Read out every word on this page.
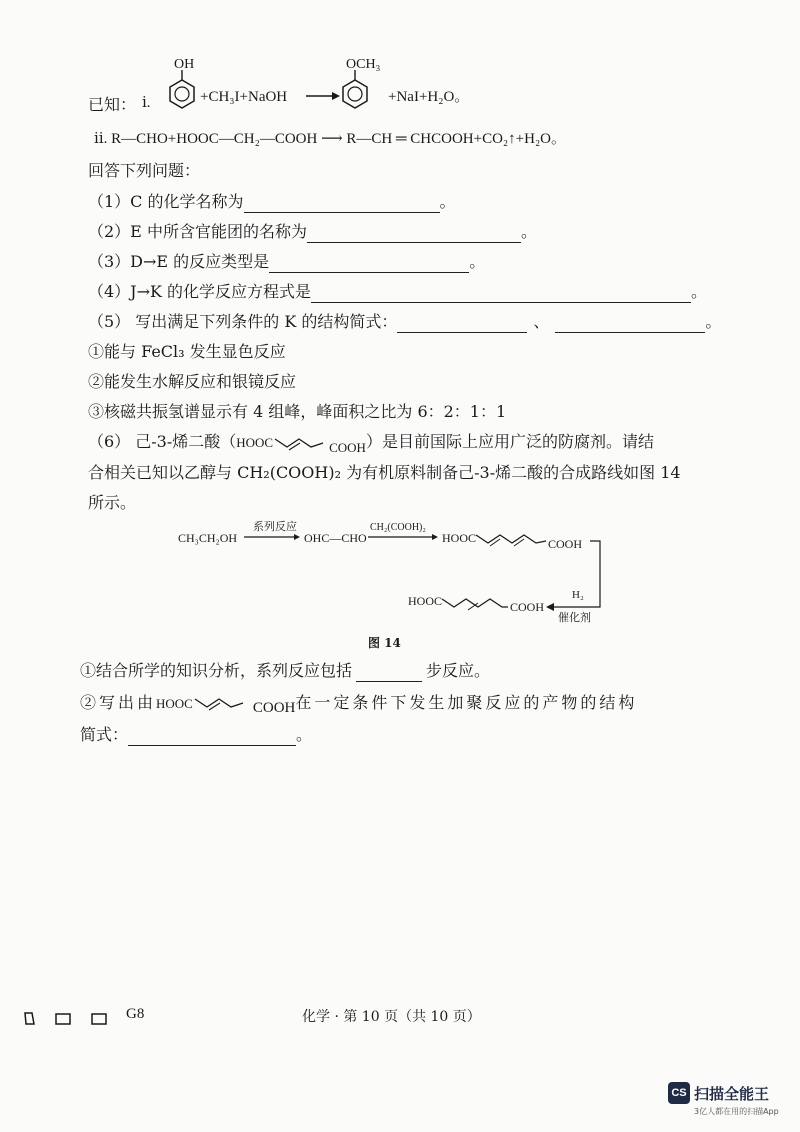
已知： ⅰ.
OH
+CH₃I+NaOH
OCH₃
+NaI+H₂O。
ⅱ. R—CHO+HOOC—CH₂—COOH ⟶ R—CH ═ CHCOOH+CO₂↑+H₂O。
回答下列问题：
（1）C 的化学名称为	。
（2）E 中所含官能团的名称为	。
（3）D→E 的反应类型是	。
（4）J→K 的化学反应方程式是	。
（5） 写出满足下列条件的 K 的结构简式：	、	。
①能与 FeCl₃ 发生显色反应
②能发生水解反应和银镜反应
③核磁共振氢谱显示有 4 组峰，峰面积之比为 6：2：1：1
（6） 己-3-烯二酸（HOOC	$_{COOH}$）是目前国际上应用广泛的防腐剂。请结
合相关已知以乙醇与 CH₂(COOH)₂ 为有机原料制备己-3-烯二酸的合成路线如图 14
所示。
CH₃CH₂OH
系列反应
OHC—CHO
CH₂(COOH)₂
HOOC	COOH
H₂
催化剂
HOOC	COOH
图 14
①结合所学的知识分析，系列反应包括	步反应。
②写出由HOOC	COOH在一定条件下发生加聚反应的产物的结构
简式：	。
G8	化学 · 第 10 页（共 10 页）
CS 扫描全能王
3亿人都在用的扫描App
